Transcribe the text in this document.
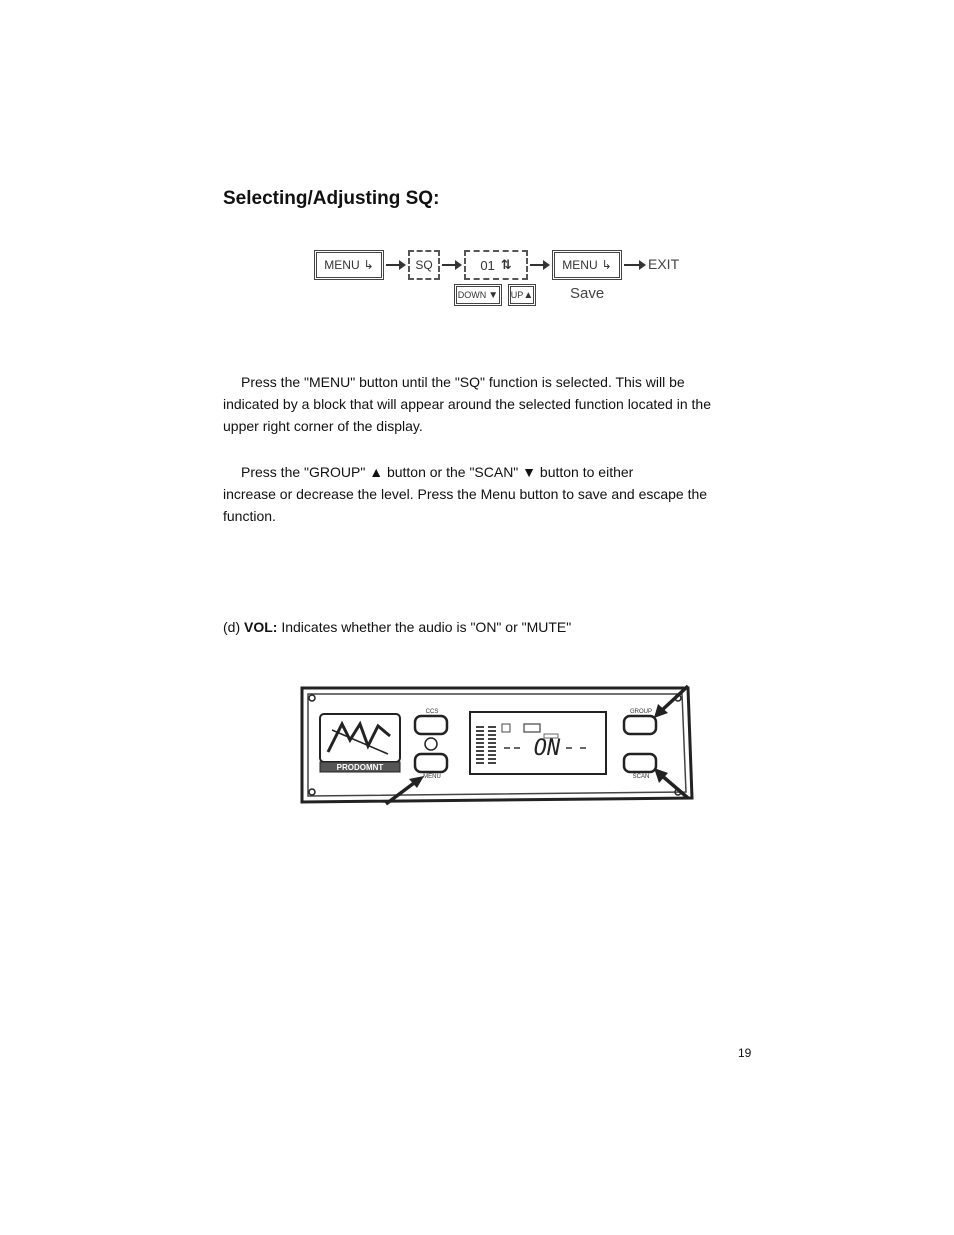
Selecting/Adjusting SQ:
MENU ↳	SQ	01 ⇅	MENU ↳	EXIT
DOWN ▼ UP ▲ Save

Press the "MENU" button until the "SQ" function is selected. This will be indicated by a block that will appear around the selected function located in the upper right corner of the display.

Press the "GROUP" ▲ button or the "SCAN" ▼ button to either
increase or decrease the level. Press the Menu button to save and escape the function.

(d) VOL: Indicates whether the audio is "ON" or "MUTE"

PRODOMNT
CCS
MENU
ON
GROUP
SCAN
19
